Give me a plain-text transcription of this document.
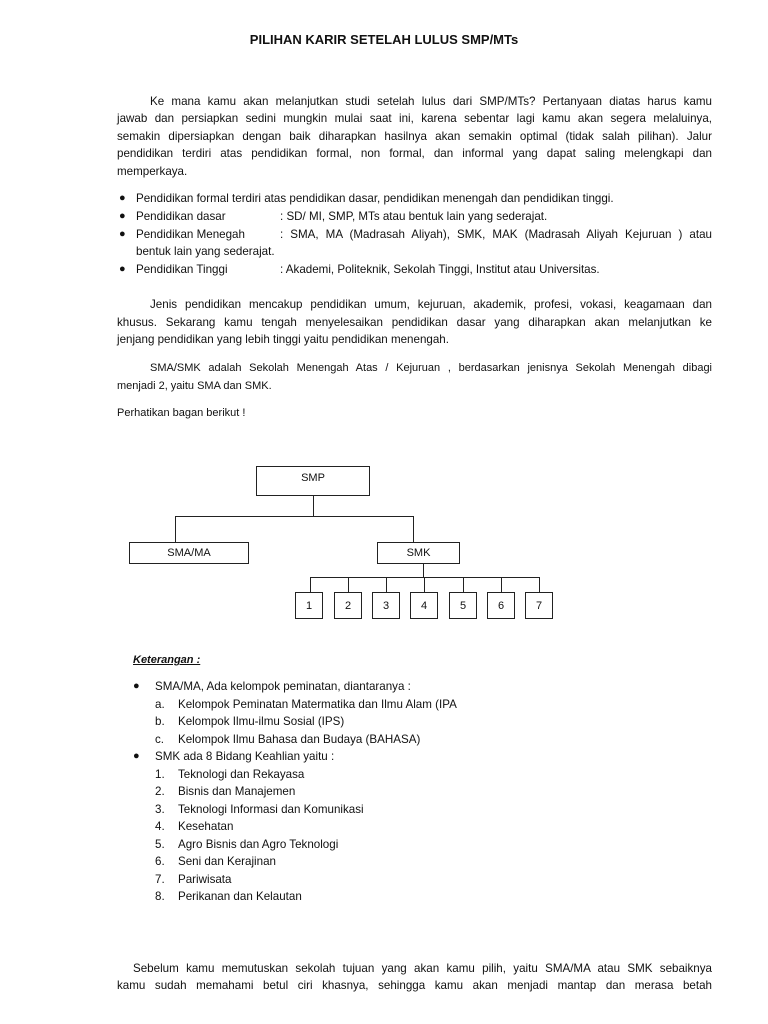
PILIHAN KARIR SETELAH LULUS SMP/MTs
Ke mana kamu akan melanjutkan studi setelah lulus dari SMP/MTs? Pertanyaan diatas harus kamu
jawab dan persiapkan sedini mungkin mulai saat ini, karena sebentar lagi kamu akan segera melaluinya,
semakin dipersiapkan dengan baik diharapkan hasilnya akan semakin optimal (tidak salah pilihan). Jalur
pendidikan terdiri atas pendidikan formal, non formal, dan informal yang dapat saling melengkapi dan
memperkaya.
● Pendidikan formal terdiri atas pendidikan dasar, pendidikan menengah dan pendidikan tinggi.
● Pendidikan dasar	: SD/ MI, SMP, MTs atau bentuk lain yang sederajat.
● Pendidikan Menegah	: SMA, MA (Madrasah Aliyah), SMK, MAK (Madrasah Aliyah Kejuruan ) atau
bentuk lain yang sederajat.
● Pendidikan Tinggi	: Akademi, Politeknik, Sekolah Tinggi, Institut atau Universitas.
Jenis pendidikan mencakup pendidikan umum, kejuruan, akademik, profesi, vokasi, keagamaan dan
khusus. Sekarang kamu tengah menyelesaikan pendidikan dasar yang diharapkan akan melanjutkan ke
jenjang pendidikan yang lebih tinggi yaitu pendidikan menengah.
SMA/SMK adalah Sekolah Menengah Atas / Kejuruan , berdasarkan jenisnya Sekolah Menengah dibagi
menjadi 2, yaitu SMA dan SMK.
Perhatikan bagan berikut !
SMP
SMA/MA	SMK
1	2	3	4	5	6	7
Keterangan :
● SMA/MA, Ada kelompok peminatan, diantaranya :
a. Kelompok Peminatan Matermatika dan Ilmu Alam (IPA
b. Kelompok Ilmu-ilmu Sosial (IPS)
c. Kelompok Ilmu Bahasa dan Budaya (BAHASA)
● SMK ada 8 Bidang Keahlian yaitu :
1. Teknologi dan Rekayasa
2. Bisnis dan Manajemen
3. Teknologi Informasi dan Komunikasi
4. Kesehatan
5. Agro Bisnis dan Agro Teknologi
6. Seni dan Kerajinan
7. Pariwisata
8. Perikanan dan Kelautan
Sebelum kamu memutuskan sekolah tujuan yang akan kamu pilih, yaitu SMA/MA atau SMK sebaiknya
kamu sudah memahami betul ciri khasnya, sehingga kamu akan menjadi mantap dan merasa betah
